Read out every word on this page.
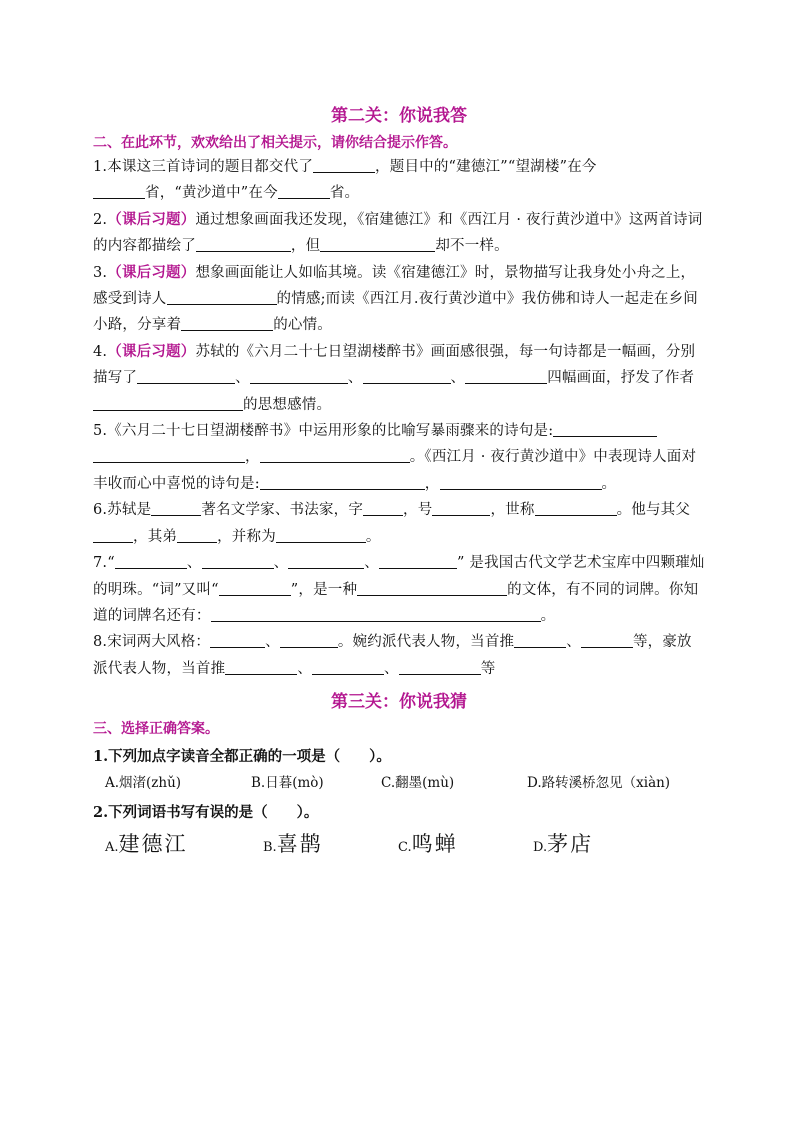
第二关：你说我答
二、在此环节，欢欢给出了相关提示，请你结合提示作答。
1.本课这三首诗词的题目都交代了	，题目中的“建德江”“望湖楼”在今
省，“黄沙道中”在今	省。
2.（课后习题）通过想象画面我还发现，《宿建德江》和《西江月 · 夜行黄沙道中》这两首诗词的内容都描绘了	，但	却不一样。
3.（课后习题）想象画面能让人如临其境。读《宿建德江》时，景物描写让我身处小舟之上，感受到诗人	的情感;而读《西江月.夜行黄沙道中》我仿佛和诗人一起走在乡间小路，分享着	的心情。
4.（课后习题）苏轼的《六月二十七日望湖楼醉书》画面感很强，每一句诗都是一幅画，分别描写了	、	、	、	四幅画面，抒发了作者的思想感情。
5.《六月二十七日望湖楼醉书》中运用形象的比喻写暴雨骤来的诗句是:，	。《西江月 · 夜行黄沙道中》中表现诗人面对丰收而心中喜悦的诗句是:	，	。
6.苏轼是	著名文学家、书法家，字	，号	，世称	。他与其父，其弟	，并称为	。
7.“	、	、	、	” 是我国古代文学艺术宝库中四颗璀灿的明珠。“词”又叫“	”，是一种	的文体，有不同的词牌。你知道的词牌名还有：	。
8.宋词两大风格：	、	。婉约派代表人物，当首推	、	等，豪放派代表人物，当首推	、	、	等
第三关：你说我猜
三、选择正确答案。
1.下列加点字读音全都正确的一项是（　　）。
A.烟渚(zhǔ)	B.日暮(mò)	C.翻墨(mù)	D.路转溪桥忽见（xiàn)
2.下列词语书写有误的是（　　）。
A.建德江	B.喜鹊	C.鸣蝉	D.茅店
